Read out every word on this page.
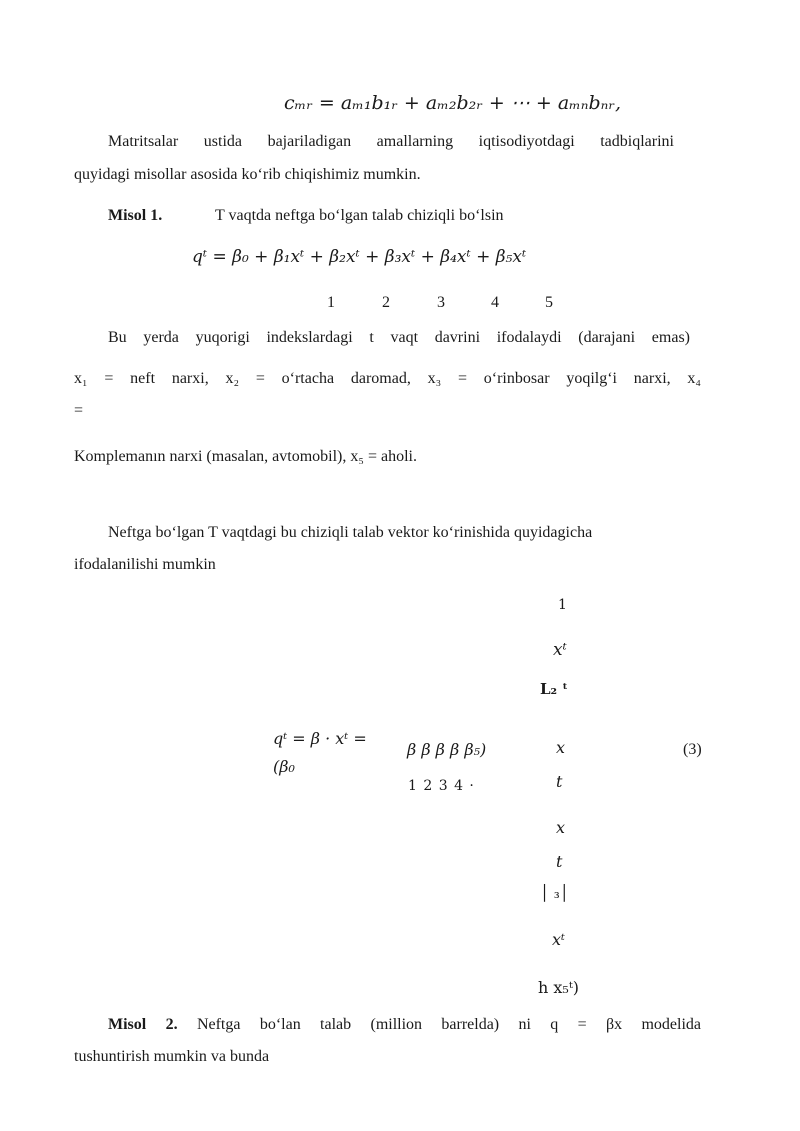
cₘᵣ = aₘ₁b₁ᵣ + aₘ₂b₂ᵣ + ⋯ + aₘₙbₙᵣ,
Matritsalar ustida bajariladigan amallarning iqtisodiyotdagi tadbiqlarini
quyidagi misollar asosida ko‘rib chiqishimiz mumkin.
Misol 1.	T vaqtda neftga bo‘lgan talab chiziqli bo‘lsin
qᵗ = β₀ + β₁xᵗ + β₂xᵗ + β₃xᵗ + β₄xᵗ + β₅xᵗ
1	2	3	4	5
Bu yerda yuqorigi indekslardagi t vaqt davrini ifodalaydi (darajani emas)
x₁ = neft narxi, x₂ = o‘rtacha daromad, x₃ = o‘rinbosar yoqilg‘i narxi, x₄
=
Komplemanın narxi (masalan, avtomobil), x₅ = aholi.
Neftga bo‘lgan T vaqtdagi bu chiziqli talab vektor ko‘rinishida quyidagicha
ifodalanilishi mumkin
qᵗ = β · xᵗ =
(β₀
β β β β β₅)
1 2 3 4 ·
1
xᵗ
L₂ ᵗ
x
t
x
t
│ ₃│
xᵗ
h x₅ᵗ)
(3)
Misol 2. Neftga bo‘lan talab (million barrelda) ni q = βx modelida
tushuntirish mumkin va bunda
